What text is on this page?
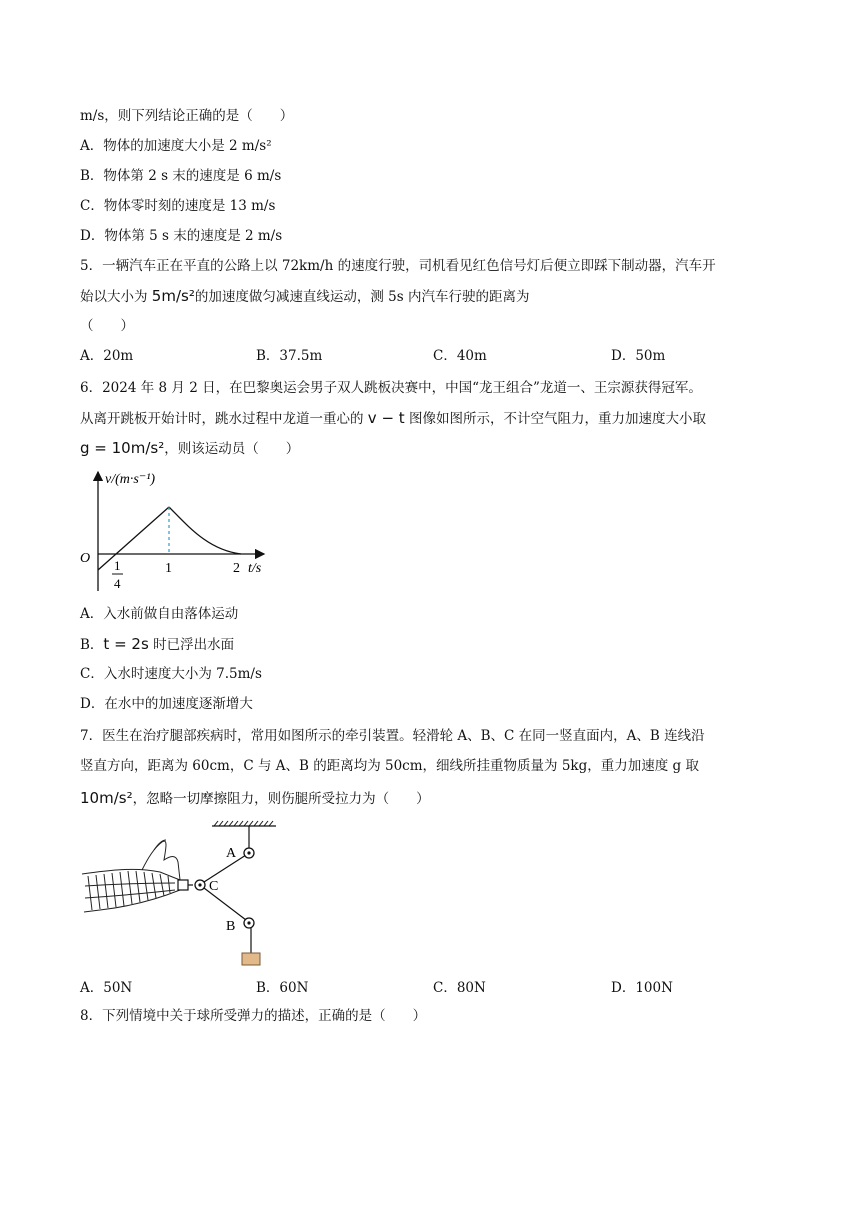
m/s，则下列结论正确的是（　　）
A．物体的加速度大小是 2 m/s²
B．物体第 2 s 末的速度是 6 m/s
C．物体零时刻的速度是 13 m/s
D．物体第 5 s 末的速度是 2 m/s
5．一辆汽车正在平直的公路上以 72km/h 的速度行驶，司机看见红色信号灯后便立即踩下制动器，汽车开
始以大小为 5m/s²的加速度做匀减速直线运动，测 5s 内汽车行驶的距离为
（　　）
A．20m	B．37.5m	C．40m	D．50m
6．2024 年 8 月 2 日，在巴黎奥运会男子双人跳板决赛中，中国“龙王组合”龙道一、王宗源获得冠军。
从离开跳板开始计时，跳水过程中龙道一重心的 v − t 图像如图所示，不计空气阻力，重力加速度大小取
g = 10m/s²，则该运动员（　　）
v/(m·s⁻¹)
t/s
O 1
4
1	2
A．入水前做自由落体运动
B．t = 2s 时已浮出水面
C．入水时速度大小为 7.5m/s
D．在水中的加速度逐渐增大
7．医生在治疗腿部疾病时，常用如图所示的牵引装置。轻滑轮 A、B、C 在同一竖直面内，A、B 连线沿
竖直方向，距离为 60cm，C 与 A、B 的距离均为 50cm，细线所挂重物质量为 5kg，重力加速度 g 取
10m/s²，忽略一切摩擦阻力，则伤腿所受拉力为（　　）
A
C
B
A．50N	B．60N	C．80N	D．100N
8．下列情境中关于球所受弹力的描述，正确的是（　　）
